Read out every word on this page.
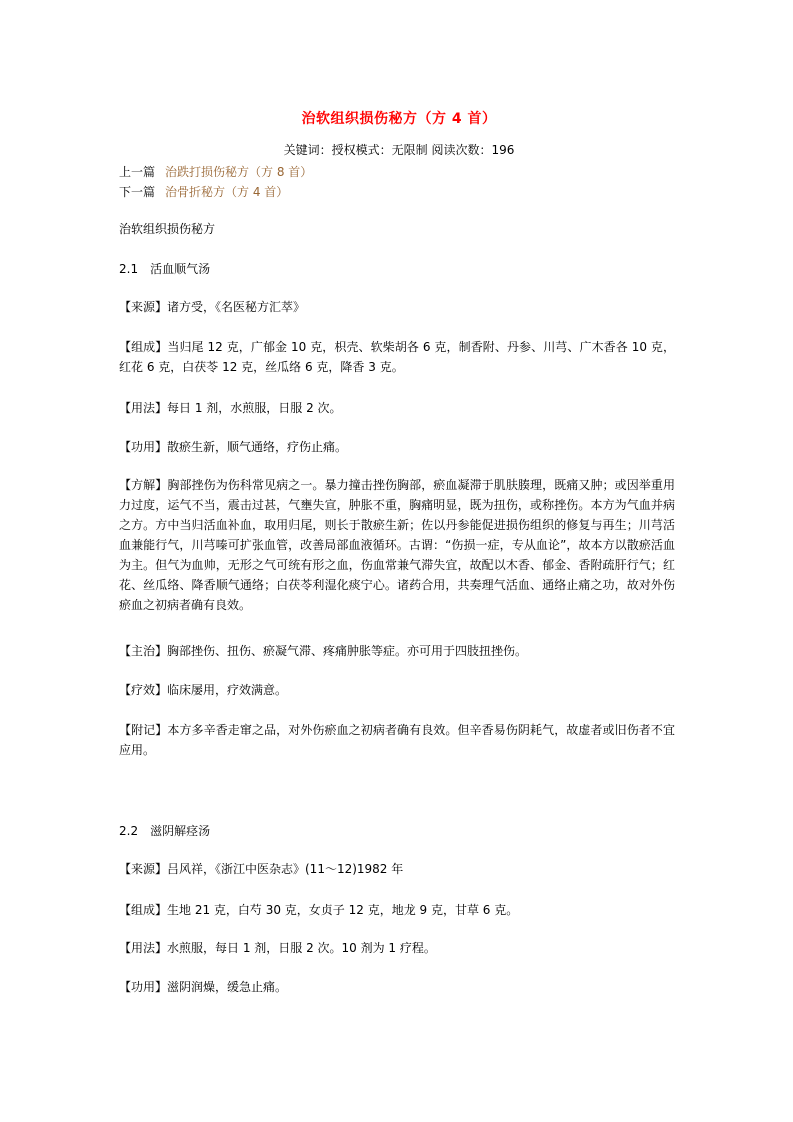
治软组织损伤秘方（方 4 首）
关键词：授权模式：无限制 阅读次数：196
上一篇 治跌打损伤秘方（方 8 首）
下一篇 治骨折秘方（方 4 首）
治软组织损伤秘方
2.1　活血顺气汤
【来源】诸方受，《名医秘方汇萃》
【组成】当归尾 12 克，广郁金 10 克，枳壳、软柴胡各 6 克，制香附、丹参、川芎、广木香各 10 克，红花 6 克，白茯苓 12 克，丝瓜络 6 克，降香 3 克。
【用法】每日 1 剂，水煎服，日服 2 次。
【功用】散瘀生新，顺气通络，疗伤止痛。
【方解】胸部挫伤为伤科常见病之一。暴力撞击挫伤胸部，瘀血凝滞于肌肤腠理，既痛又肿；或因举重用力过度，运气不当，震击过甚，气壅失宣，肿胀不重，胸痛明显，既为扭伤，或称挫伤。本方为气血并病之方。方中当归活血补血，取用归尾，则长于散瘀生新；佐以丹参能促进损伤组织的修复与再生；川芎活血兼能行气，川芎嗪可扩张血管，改善局部血液循环。古谓：“伤损一症，专从血论”，故本方以散瘀活血为主。但气为血帅，无形之气可统有形之血，伤血常兼气滞失宜，故配以木香、郁金、香附疏肝行气；红花、丝瓜络、降香顺气通络；白茯苓利湿化痰宁心。诸药合用，共奏理气活血、通络止痛之功，故对外伤瘀血之初病者确有良效。
【主治】胸部挫伤、扭伤、瘀凝气滞、疼痛肿胀等症。亦可用于四肢扭挫伤。
【疗效】临床屡用，疗效满意。
【附记】本方多辛香走窜之品，对外伤瘀血之初病者确有良效。但辛香易伤阴耗气，故虚者或旧伤者不宜应用。
2.2　滋阴解痉汤
【来源】吕风祥，《浙江中医杂志》(11～12)1982 年
【组成】生地 21 克，白芍 30 克，女贞子 12 克，地龙 9 克，甘草 6 克。
【用法】水煎服，每日 1 剂，日服 2 次。10 剂为 1 疗程。
【功用】滋阴润燥，缓急止痛。
